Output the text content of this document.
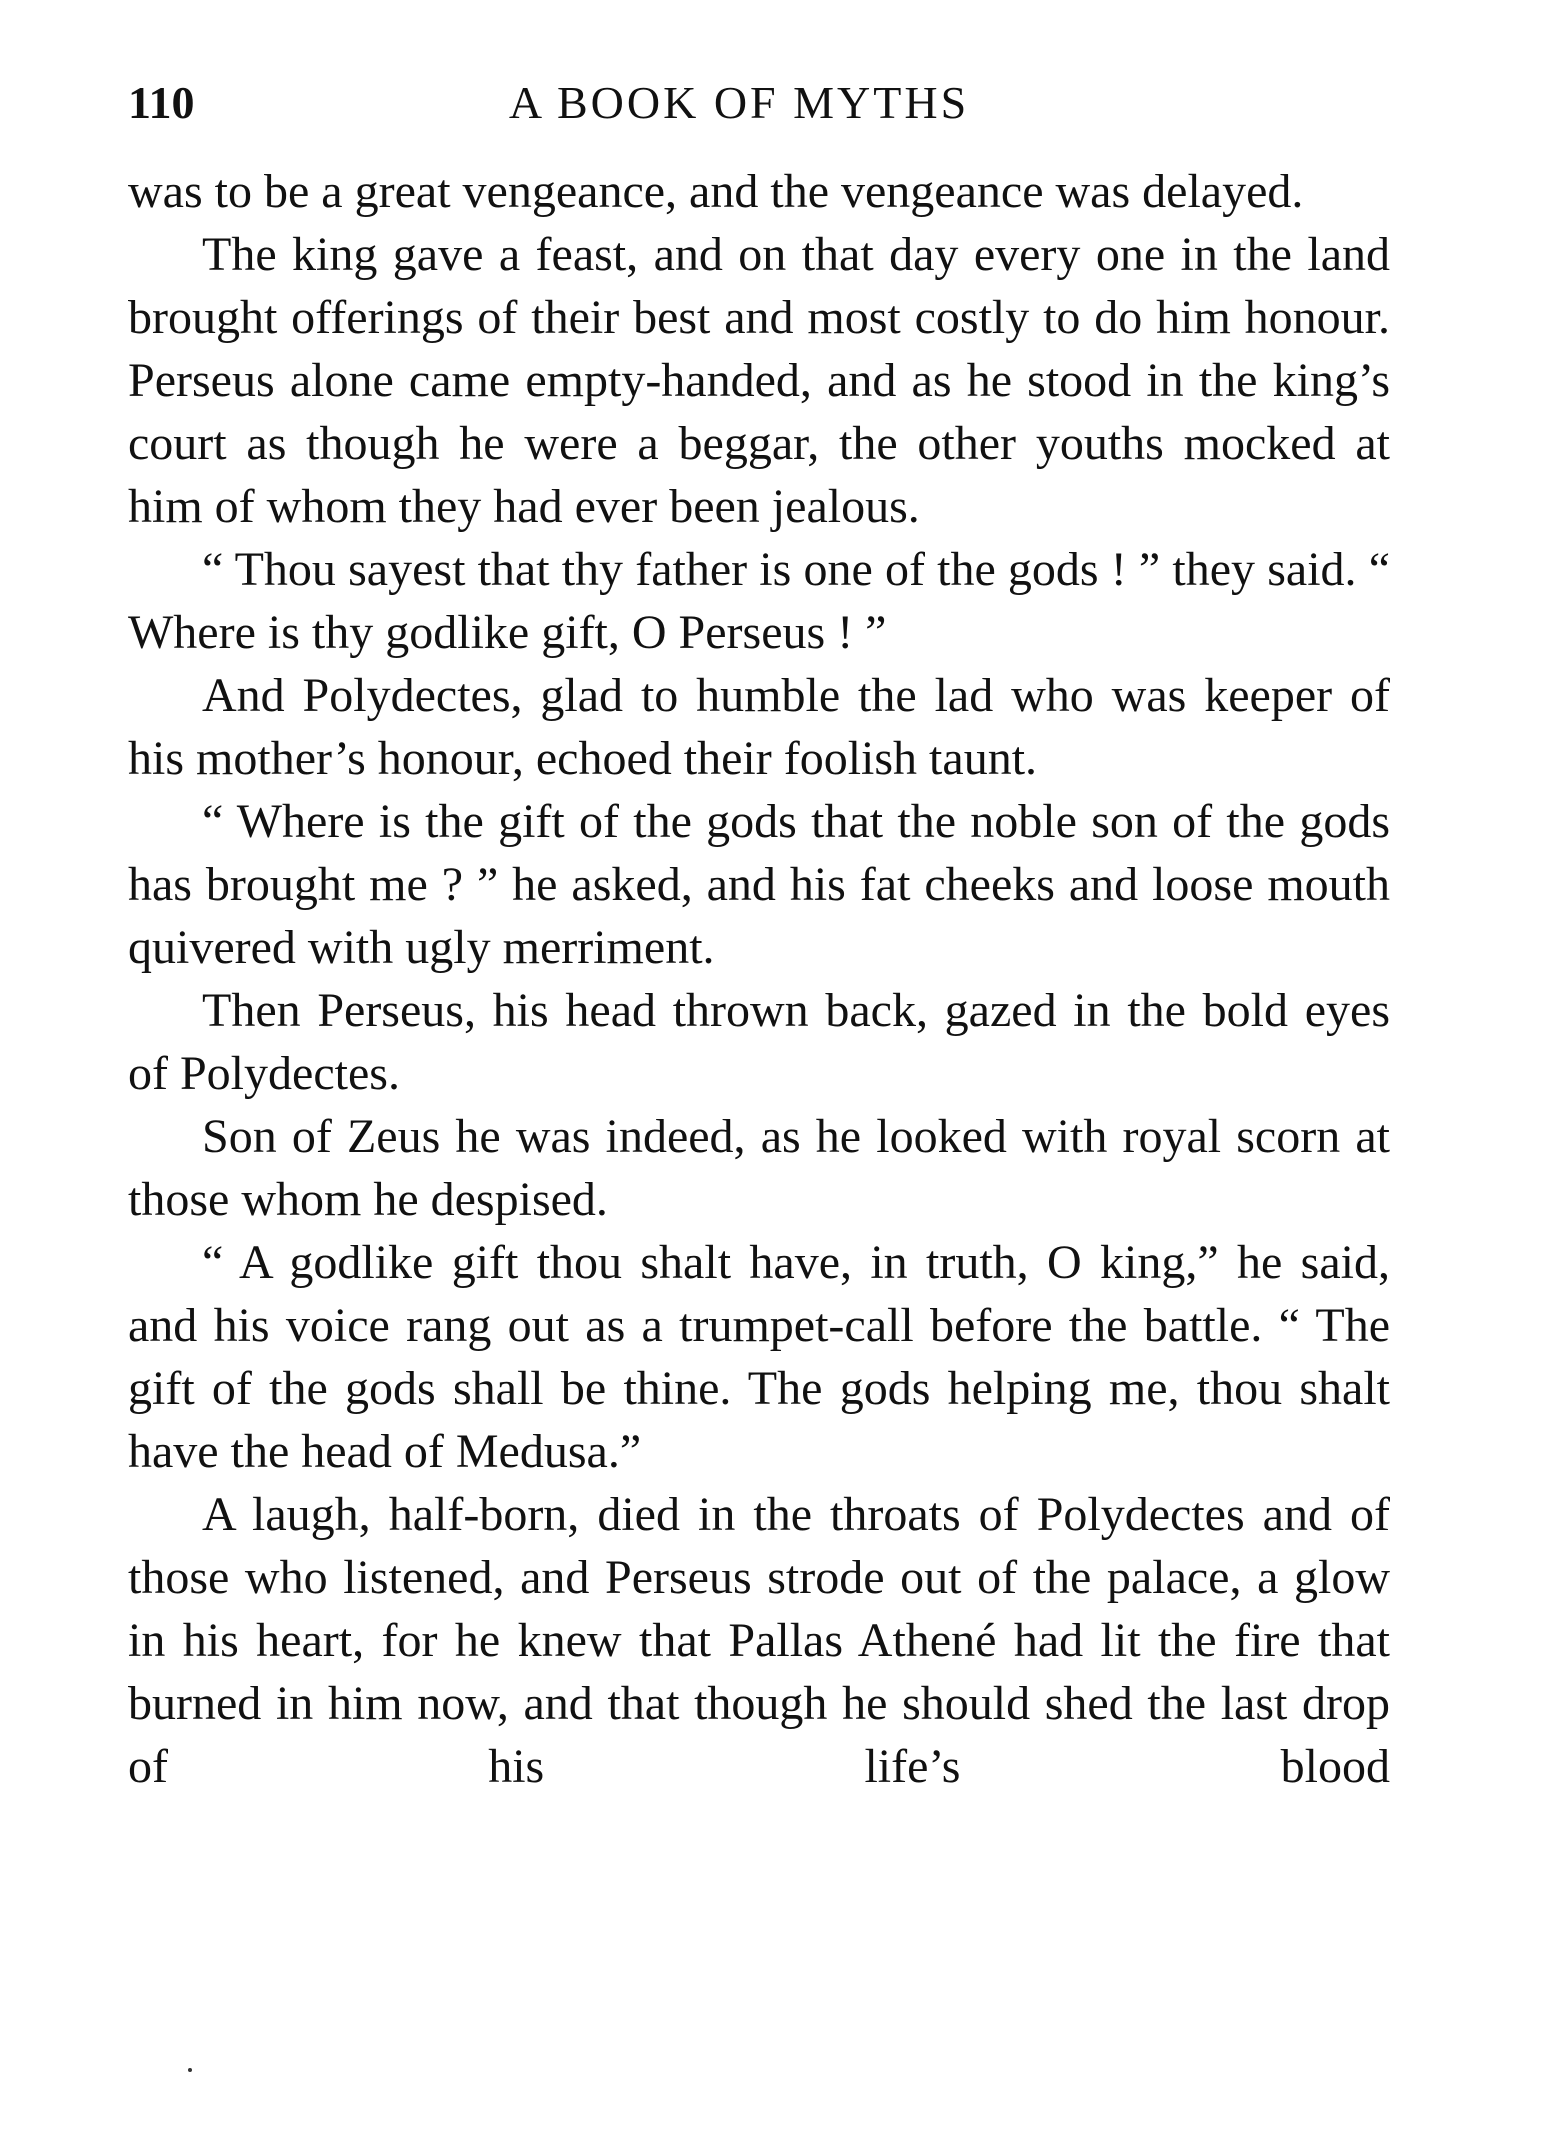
110	A BOOK OF MYTHS

was to be a great vengeance, and the vengeance was delayed.

The king gave a feast, and on that day every one in the land brought offerings of their best and most costly to do him honour. Perseus alone came empty-handed, and as he stood in the king’s court as though he were a beggar, the other youths mocked at him of whom they had ever been jealous.

“ Thou sayest that thy father is one of the gods ! ” they said. “ Where is thy godlike gift, O Perseus ! ”

And Polydectes, glad to humble the lad who was keeper of his mother’s honour, echoed their foolish taunt.

“ Where is the gift of the gods that the noble son of the gods has brought me ? ” he asked, and his fat cheeks and loose mouth quivered with ugly merriment.

Then Perseus, his head thrown back, gazed in the bold eyes of Polydectes.

Son of Zeus he was indeed, as he looked with royal scorn at those whom he despised.

“ A godlike gift thou shalt have, in truth, O king,” he said, and his voice rang out as a trumpet-call before the battle. “ The gift of the gods shall be thine. The gods helping me, thou shalt have the head of Medusa.”

A laugh, half-born, died in the throats of Polydectes and of those who listened, and Perseus strode out of the palace, a glow in his heart, for he knew that Pallas Athené had lit the fire that burned in him now, and that though he should shed the last drop of his life’s blood
